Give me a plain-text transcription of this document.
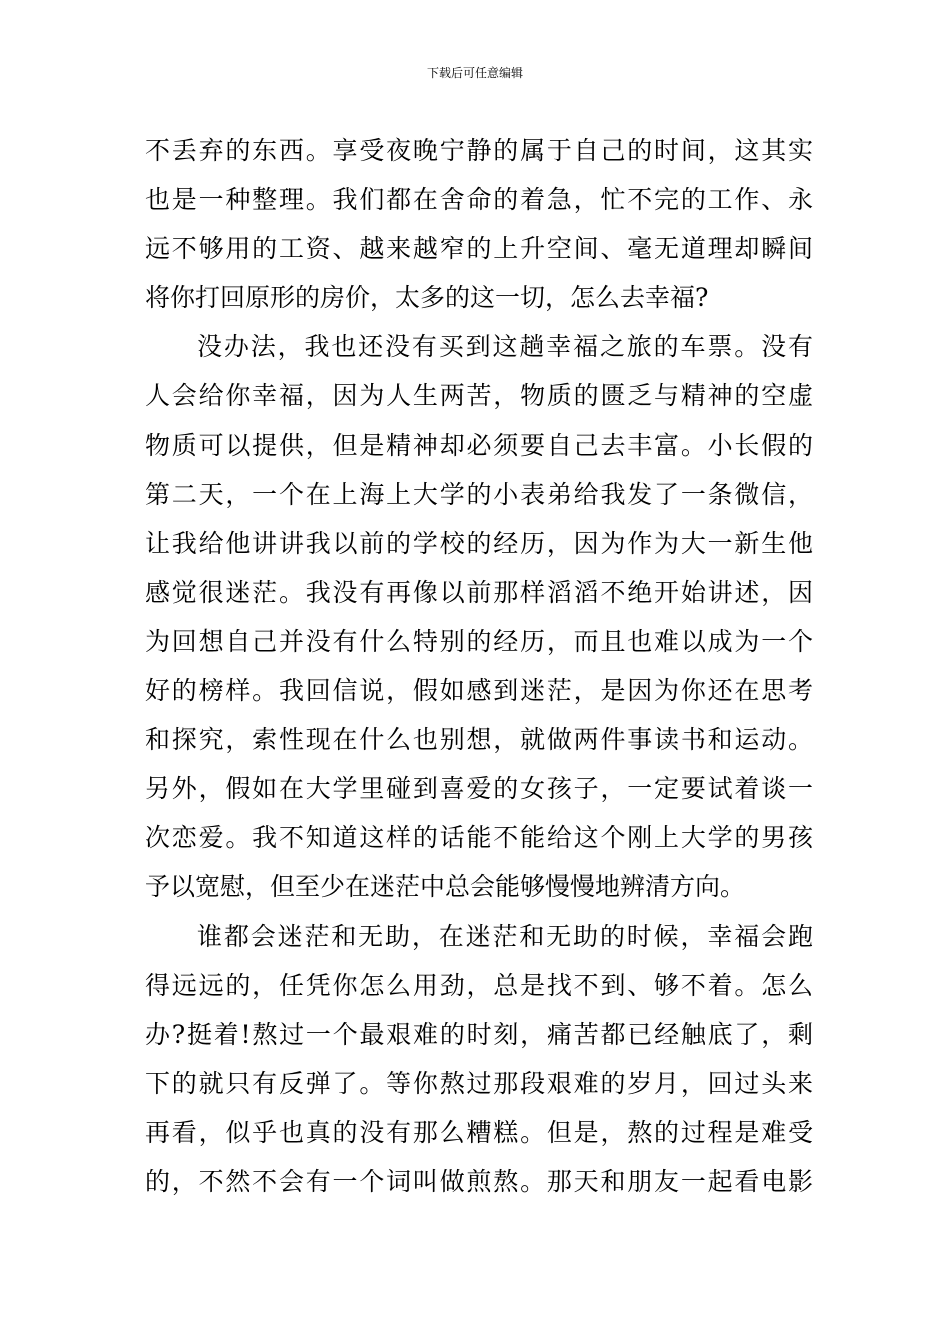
下载后可任意编辑
不丢弃的东西。享受夜晚宁静的属于自己的时间，这其实
也是一种整理。我们都在舍命的着急，忙不完的工作、永
远不够用的工资、越来越窄的上升空间、毫无道理却瞬间
将你打回原形的房价，太多的这一切，怎么去幸福?
没办法，我也还没有买到这趟幸福之旅的车票。没有
人会给你幸福，因为人生两苦，物质的匮乏与精神的空虚
物质可以提供，但是精神却必须要自己去丰富。小长假的
第二天，一个在上海上大学的小表弟给我发了一条微信，
让我给他讲讲我以前的学校的经历，因为作为大一新生他
感觉很迷茫。我没有再像以前那样滔滔不绝开始讲述，因
为回想自己并没有什么特别的经历，而且也难以成为一个
好的榜样。我回信说，假如感到迷茫，是因为你还在思考
和探究，索性现在什么也别想，就做两件事读书和运动。
另外，假如在大学里碰到喜爱的女孩子，一定要试着谈一
次恋爱。我不知道这样的话能不能给这个刚上大学的男孩
予以宽慰，但至少在迷茫中总会能够慢慢地辨清方向。
谁都会迷茫和无助，在迷茫和无助的时候，幸福会跑
得远远的，任凭你怎么用劲，总是找不到、够不着。怎么
办?挺着!熬过一个最艰难的时刻，痛苦都已经触底了，剩
下的就只有反弹了。等你熬过那段艰难的岁月，回过头来
再看，似乎也真的没有那么糟糕。但是，熬的过程是难受
的，不然不会有一个词叫做煎熬。那天和朋友一起看电影
